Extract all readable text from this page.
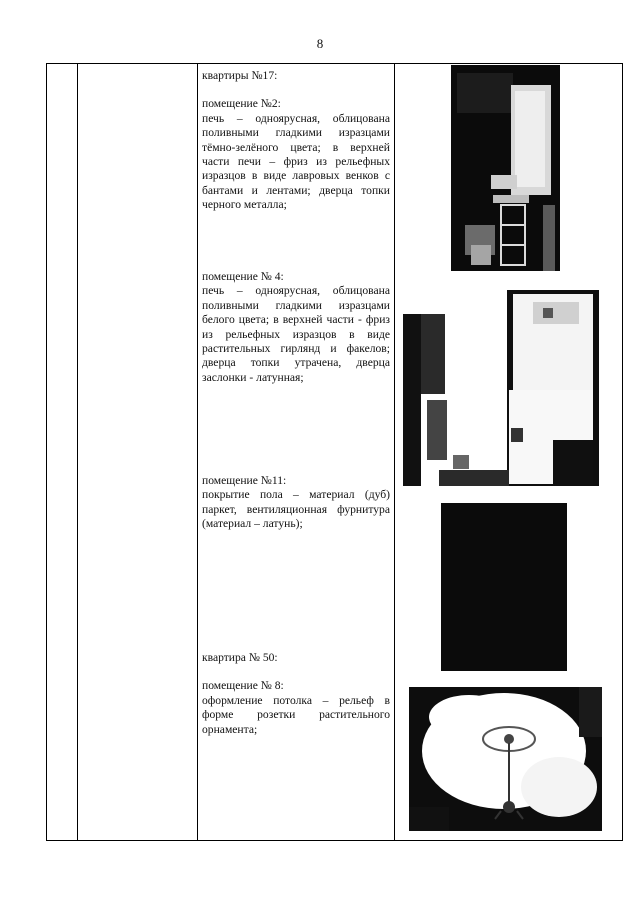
8

квартиры №17:

помещение №2:

печь – одноярусная, облицована поливными гладкими изразцами тёмно-зелёного цвета; в верхней части печи – фриз из рельефных изразцов в виде лавровых венков с бантами и лентами; дверца топки черного металла;

помещение № 4:

печь – одноярусная, облицована поливными гладкими изразцами белого цвета; в верхней части - фриз из рельефных изразцов в виде растительных гирлянд и факелов; дверца топки утрачена, дверца заслонки - латунная;

помещение №11:

покрытие пола – материал (дуб) паркет, вентиляционная фурнитура (материал – латунь);

квартира № 50:

помещение № 8:

оформление потолка – рельеф в форме розетки растительного орнамента;
